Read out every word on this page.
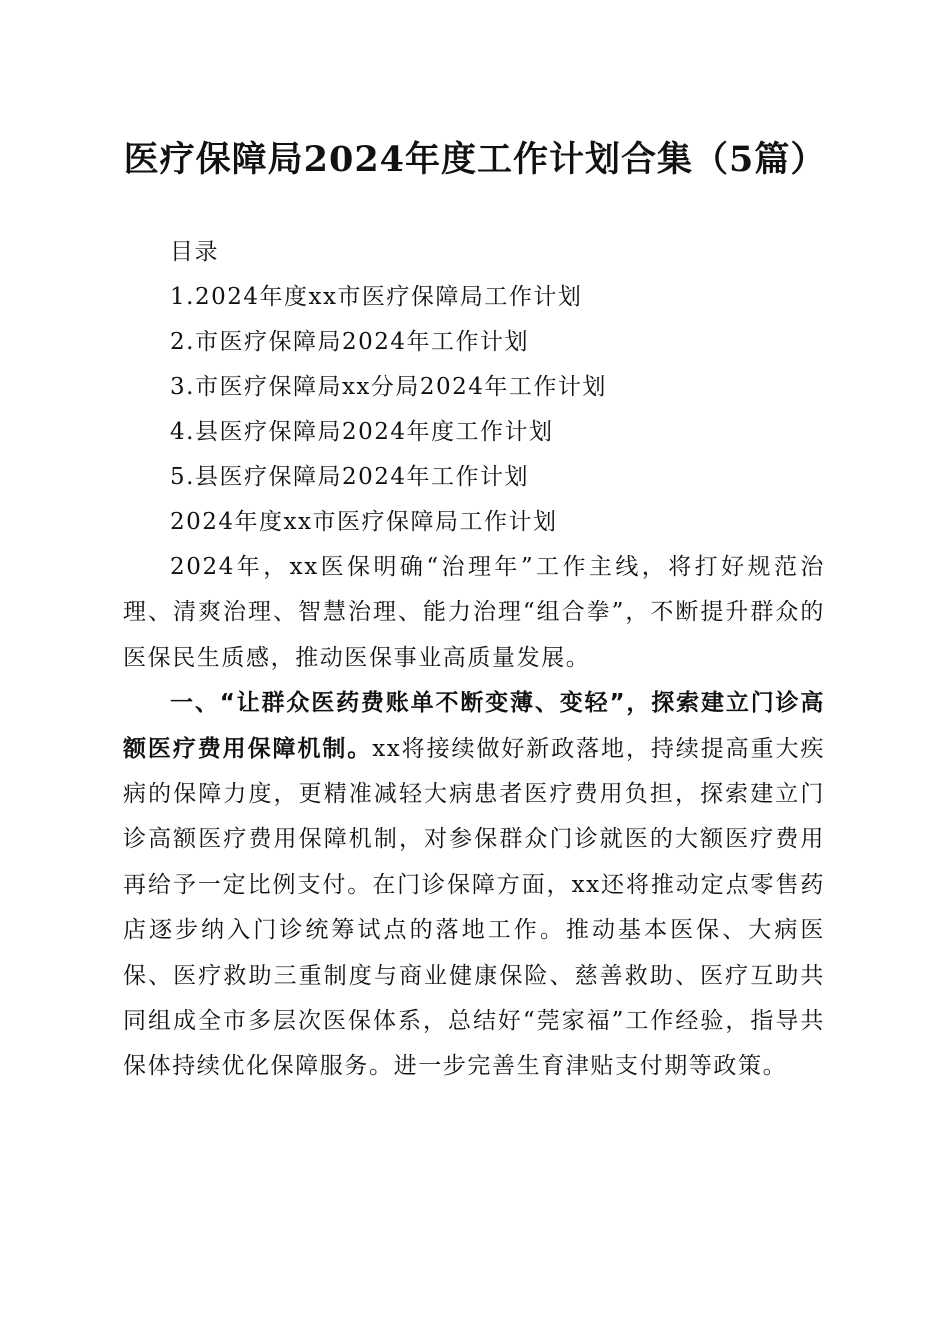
医疗保障局2024年度工作计划合集（5篇）
目录
1.2024年度xx市医疗保障局工作计划
2.市医疗保障局2024年工作计划
3.市医疗保障局xx分局2024年工作计划
4.县医疗保障局2024年度工作计划
5.县医疗保障局2024年工作计划
2024年度xx市医疗保障局工作计划

2024年，xx医保明确“治理年”工作主线，将打好规范治理、清爽治理、智慧治理、能力治理“组合拳”，不断提升群众的医保民生质感，推动医保事业高质量发展。

一、“让群众医药费账单不断变薄、变轻”，探索建立门诊高额医疗费用保障机制。xx将接续做好新政落地，持续提高重大疾病的保障力度，更精准减轻大病患者医疗费用负担，探索建立门诊高额医疗费用保障机制，对参保群众门诊就医的大额医疗费用再给予一定比例支付。在门诊保障方面，xx还将推动定点零售药店逐步纳入门诊统筹试点的落地工作。推动基本医保、大病医保、医疗救助三重制度与商业健康保险、慈善救助、医疗互助共同组成全市多层次医保体系，总结好“莞家福”工作经验，指导共保体持续优化保障服务。进一步完善生育津贴支付期等政策。
